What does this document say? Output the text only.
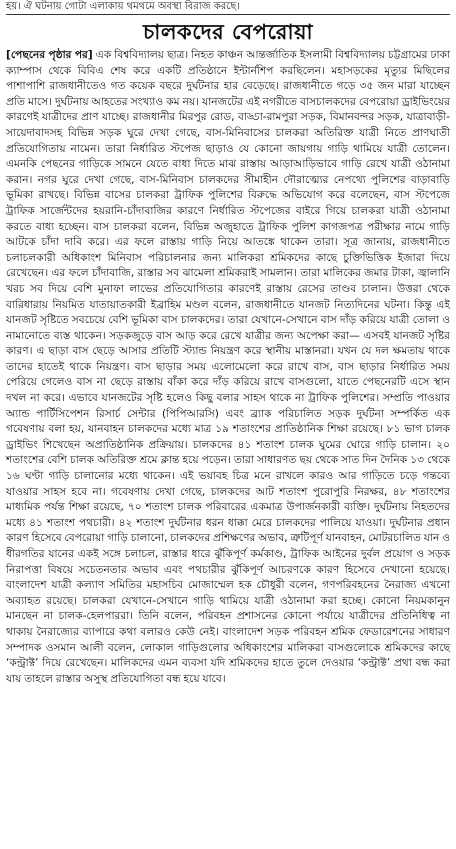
হয়। ঐ ঘটনায় গোটা এলাকায় থমথমে অবস্থা বিরাজ করছে।
চালকদের বেপরোয়া

[পেছনের পৃষ্ঠার পর] এক বিশ্ববিদ্যালয় ছাত্র। নিহত কাঞ্চন আন্তর্জাতিক ইসলামী বিশ্ববিদ্যালয় চট্টগ্রামের ঢাকা ক্যাম্পাস থেকে বিবিএ শেষ করে একটি প্রতিষ্ঠানে ইন্টার্নশিপ করছিলেন। মহাসড়কের মৃত্যুর মিছিলের পাশাপাশি রাজধানীতেও গত কয়েক বছরে দুর্ঘটনার হার বেড়েছে। রাজধানীতে গড়ে ৩৫ জন মারা যাচ্ছেন প্রতি মাসে। দুর্ঘটনায় আহতের সংখ্যাও কম নয়। যানজটের এই নগরীতে বাসচালকদের বেপরোয়া ড্রাইভিংয়ের কারণেই যাত্রীদের প্রাণ যাচ্ছে। রাজধানীর মিরপুর রোড, বাড্ডা-রামপুরা সড়ক, বিমানবন্দর সড়ক, যাত্রাবাড়ী-সায়েদাবাদসহ বিভিন্ন সড়ক ঘুরে দেখা গেছে, বাস-মিনিবাসের চালকরা অতিরিক্ত যাত্রী নিতে প্রাণঘাতী প্রতিযোগিতায় নামেন। তারা নির্ধারিত স্টপেজ ছাড়াও যে কোনো জায়গায় গাড়ি থামিয়ে যাত্রী তোলেন। এমনকি পেছনের গাড়িকে সামনে যেতে বাধা দিতে মাঝ রাস্তায় আড়াআড়িভাবে গাড়ি রেখে যাত্রী ওঠানামা করান। নগর ঘুরে দেখা গেছে, বাস-মিনিবাস চালকদের সীমাহীন দৌরাত্ম্যের নেপথ্যে পুলিশের বাড়াবাড়ি ভূমিকা রাখছে। বিভিন্ন বাসের চালকরা ট্রাফিক পুলিশের বিরুদ্ধে অভিযোগ করে বলেছেন, বাস স্টপেজে ট্রাফিক সার্জেন্টদের হয়রানি-চাঁদাবাজির কারণে নির্ধারিত স্টপেজের বাইরে গিয়ে চালকরা যাত্রী ওঠানামা করতে বাধ্য হচ্ছেন। বাস চালকরা বলেন, বিভিন্ন অজুহাতে ট্রাফিক পুলিশ কাগজপত্র পরীক্ষার নামে গাড়ি আটকে চাঁদা দাবি করে। এর ফলে রাস্তায় গাড়ি নিয়ে আতঙ্কে থাকেন তারা। সূত্র জানায়, রাজধানীতে চলাচলকারী অধিকাংশ মিনিবাস পরিচালনার জন্য মালিকরা শ্রমিকদের কাছে চুক্তিভিত্তিক ইজারা দিয়ে রেখেছেন। এর ফলে চাঁদাবাজি, রাস্তার সব ঝামেলা শ্রমিকরাই সামলান। তারা মালিকের জমার টাকা, জ্বালানি খরচ সব দিয়ে বেশি মুনাফা লাভের প্রতিযোগিতার কারণেই রাস্তায় রেসের তাণ্ডব চালান। উত্তরা থেকে বারিধারায় নিয়মিত যাতায়াতকারী ইব্রাহিম মণ্ডল বলেন, রাজধানীতে যানজট নিত্যদিনের ঘটনা। কিন্তু এই যানজট সৃষ্টিতে সবচেয়ে বেশি ভূমিকা বাস চালকদের। তারা যেখানে-সেখানে বাস দাঁড় করিয়ে যাত্রী তোলা ও নামানোতে ব্যস্ত থাকেন। সড়কজুড়ে বাস আড় করে রেখে যাত্রীর জন্য অপেক্ষা করা— এসবই যানজট সৃষ্টির কারণ। এ ছাড়া বাস ছেড়ে আসার প্রতিটি স্ট্যান্ড নিয়ন্ত্রণ করে স্থানীয় মাস্তানরা। যখন যে দল ক্ষমতায় থাকে তাদের হাতেই থাকে নিয়ন্ত্রণ। বাস ছাড়ার সময় এলোমেলো করে রাখে বাস, বাস ছাড়ার নির্ধারিত সময় পেরিয়ে গেলেও বাস না ছেড়ে রাস্তায় বাঁকা করে দাঁড় করিয়ে রাখে বাসগুলো, যাতে পেছনেরটি এসে স্থান দখল না করে। এভাবে যানজটের সৃষ্টি হলেও কিছু বলার সাহস থাকে না ট্রাফিক পুলিশের। সম্প্রতি পাওয়ার অ্যান্ড পার্টিসিপেশন রিসার্চ সেন্টার (পিপিআরসি) এবং ব্র্যাক পরিচালিত সড়ক দুর্ঘটনা সম্পর্কিত এক গবেষণায় বলা হয়, যানবাহন চালকদের মধ্যে মাত্র ১৯ শতাংশের প্রাতিষ্ঠানিক শিক্ষা রয়েছে। ৮১ ভাগ চালক ড্রাইভিং শিখেছেন অপ্রাতিষ্ঠানিক প্রক্রিয়ায়। চালকদের ৪১ শতাংশ চালক ঘুমের ঘোরে গাড়ি চালান। ২০ শতাংশের বেশি চালক অতিরিক্ত শ্রমে ক্লান্ত হয়ে পড়েন। তারা সাধারণত ছয় থেকে সাত দিন দৈনিক ১৩ থেকে ১৬ ঘণ্টা গাড়ি চালানোর মধ্যে থাকেন। এই ভয়াবহ চিত্র মনে রাখলে কারও আর গাড়িতে চড়ে গন্তব্যে যাওয়ার সাহস হবে না। গবেষণায় দেখা গেছে, চালকদের আট শতাংশ পুরোপুরি নিরক্ষর, ৪৮ শতাংশের মাধ্যমিক পর্যন্ত শিক্ষা রয়েছে, ৭০ শতাংশ চালক পরিবারের একমাত্র উপার্জনকারী ব্যক্তি। দুর্ঘটনায় নিহতদের মধ্যে ৪১ শতাংশ পথচারী। ৪২ শতাংশ দুর্ঘটনার ধরন ধাক্কা মেরে চালকদের পালিয়ে যাওয়া। দুর্ঘটনার প্রধান কারণ হিসেবে বেপরোয়া গাড়ি চালানো, চালকদের প্রশিক্ষণের অভাব, ত্রুটিপূর্ণ যানবাহন, মোটরচালিত যান ও ধীরগতির যানের একই সঙ্গে চলাচল, রাস্তার ধারে ঝুঁকিপূর্ণ কর্মকাণ্ড, ট্রাফিক আইনের দুর্বল প্রয়োগ ও সড়ক নিরাপত্তা বিষয়ে সচেতনতার অভাব এবং পথচারীর ঝুঁকিপূর্ণ আচরণকে কারণ হিসেবে দেখানো হয়েছে। বাংলাদেশ যাত্রী কল্যাণ সমিতির মহাসচিব মোজাম্মেল হক চৌধুরী বলেন, গণপরিবহনের নৈরাজ্য এখনো অব্যাহত রয়েছে। চালকরা যেখানে-সেখানে গাড়ি থামিয়ে যাত্রী ওঠানামা করা হচ্ছে। কোনো নিয়মকানুন মানছেন না চালক-হেলপাররা। তিনি বলেন, পরিবহন প্রশাসনের কোনো পর্যায়ে যাত্রীদের প্রতিনিধিত্ব না থাকায় নৈরাজ্যের ব্যাপারে কথা বলারও কেউ নেই। বাংলাদেশ সড়ক পরিবহন শ্রমিক ফেডারেশনের সাধারণ সম্পাদক ওসমান আলী বলেন, লোকাল গাড়িগুলোর অধিকাংশের মালিকরা বাসগুলোকে শ্রমিকদের কাছে ‘কন্ট্রাক্ট’ দিয়ে রেখেছেন। মালিকদের এমন ব্যবসা যদি শ্রমিকদের হাতে তুলে দেওয়ার ‘কন্ট্রাক্ট’ প্রথা বন্ধ করা যায় তাহলে রাস্তার অসুস্থ প্রতিযোগিতা বন্ধ হয়ে যাবে।
